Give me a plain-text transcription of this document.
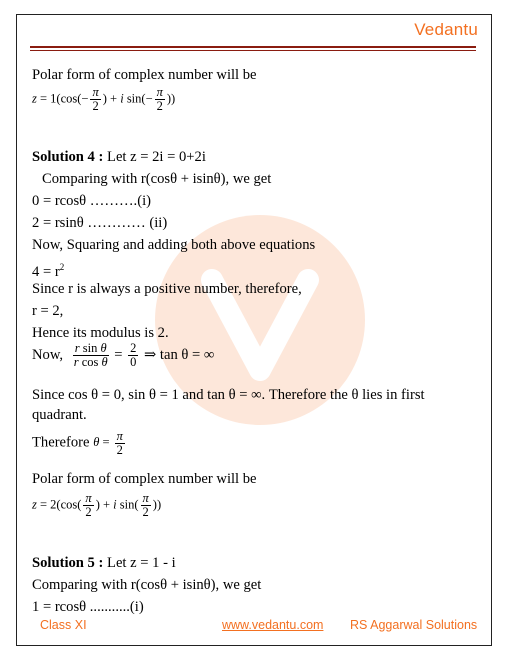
Vedantu
Polar form of complex number will be
$z = 1(\cos(- \frac{\pi}{2}$ ) + i $\sin(- \frac{\pi}{2}$ ))
Solution 4 : Let z = 2i = 0+2i
Comparing with r(cosθ + isinθ), we get
0 = rcosθ ……….(i)
2 = rsinθ ………… (ii)
Now, Squaring and adding both above equations
$4 = r^2$
Since r is always a positive number, therefore,
r = 2,
Hence its modulus is 2.
Now, $\frac{\text{r sin θ}}{\text{r cos θ}} = \frac{2}{0}$ ⇒ tan θ = ∞
Since cos θ = 0, sin θ = 1 and tan θ = ∞. Therefore the θ lies in first
quadrant.
Therefore $\theta = \frac{\pi}{2}$
Polar form of complex number will be
$z = 2(\cos( \frac{\pi}{2}$ ) + i $\sin( \frac{\pi}{2}$ ))
Solution 5 : Let z = 1 - i
Comparing with r(cosθ + isinθ), we get
1 = rcosθ ...........(i)
Class XI	www.vedantu.com RS Aggarwal Solutions
